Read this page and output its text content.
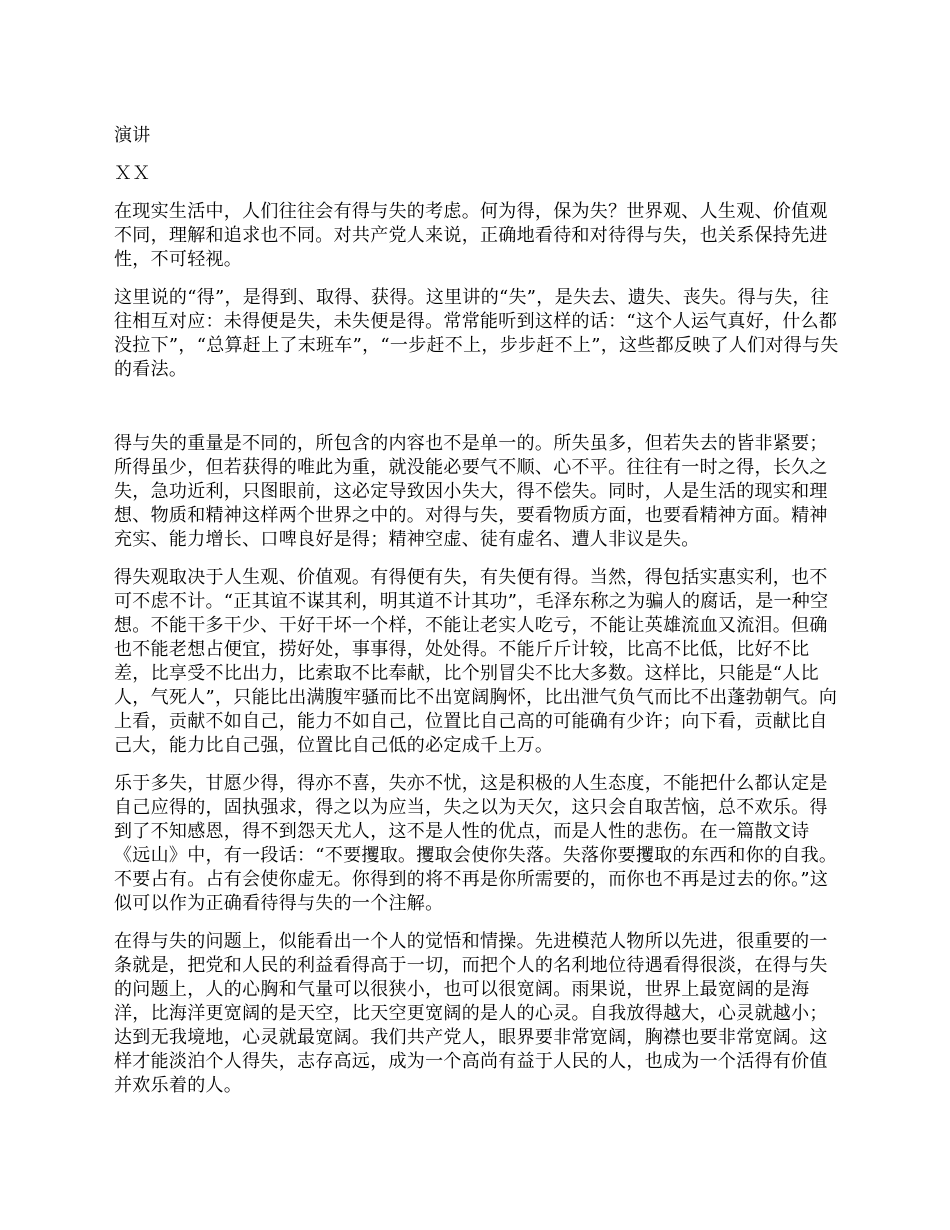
演讲

ＸＸ

在现实生活中，人们往往会有得与失的考虑。何为得，保为失？世界观、人生观、价值观不同，理解和追求也不同。对共产党人来说，正确地看待和对待得与失，也关系保持先进性，不可轻视。

这里说的“得”，是得到、取得、获得。这里讲的“失”，是失去、遗失、丧失。得与失，往往相互对应：未得便是失，未失便是得。常常能听到这样的话：“这个人运气真好，什么都没拉下”，“总算赶上了末班车”，“一步赶不上，步步赶不上”，这些都反映了人们对得与失的看法。

得与失的重量是不同的，所包含的内容也不是单一的。所失虽多，但若失去的皆非紧要；所得虽少，但若获得的唯此为重，就没能必要气不顺、心不平。往往有一时之得，长久之失，急功近利，只图眼前，这必定导致因小失大，得不偿失。同时，人是生活的现实和理想、物质和精神这样两个世界之中的。对得与失，要看物质方面，也要看精神方面。精神充实、能力增长、口啤良好是得；精神空虚、徒有虚名、遭人非议是失。

得失观取决于人生观、价值观。有得便有失，有失便有得。当然，得包括实惠实利，也不可不虑不计。“正其谊不谋其利，明其道不计其功”，毛泽东称之为骗人的腐话，是一种空想。不能干多干少、干好干坏一个样，不能让老实人吃亏，不能让英雄流血又流泪。但确也不能老想占便宜，捞好处，事事得，处处得。不能斤斤计较，比高不比低，比好不比差，比享受不比出力，比索取不比奉献，比个别冒尖不比大多数。这样比，只能是“人比人，气死人”，只能比出满腹牢骚而比不出宽阔胸怀，比出泄气负气而比不出蓬勃朝气。向上看，贡献不如自己，能力不如自己，位置比自己高的可能确有少许；向下看，贡献比自己大，能力比自己强，位置比自己低的必定成千上万。

乐于多失，甘愿少得，得亦不喜，失亦不忧，这是积极的人生态度，不能把什么都认定是自己应得的，固执强求，得之以为应当，失之以为天欠，这只会自取苦恼，总不欢乐。得到了不知感恩，得不到怨天尤人，这不是人性的优点，而是人性的悲伤。在一篇散文诗《远山》中，有一段话：“不要攫取。攫取会使你失落。失落你要攫取的东西和你的自我。不要占有。占有会使你虚无。你得到的将不再是你所需要的，而你也不再是过去的你。”这似可以作为正确看待得与失的一个注解。

在得与失的问题上，似能看出一个人的觉悟和情操。先进模范人物所以先进，很重要的一条就是，把党和人民的利益看得高于一切，而把个人的名利地位待遇看得很淡，在得与失的问题上，人的心胸和气量可以很狭小，也可以很宽阔。雨果说，世界上最宽阔的是海洋，比海洋更宽阔的是天空，比天空更宽阔的是人的心灵。自我放得越大，心灵就越小；达到无我境地，心灵就最宽阔。我们共产党人，眼界要非常宽阔，胸襟也要非常宽阔。这样才能淡泊个人得失，志存高远，成为一个高尚有益于人民的人，也成为一个活得有价值并欢乐着的人。
